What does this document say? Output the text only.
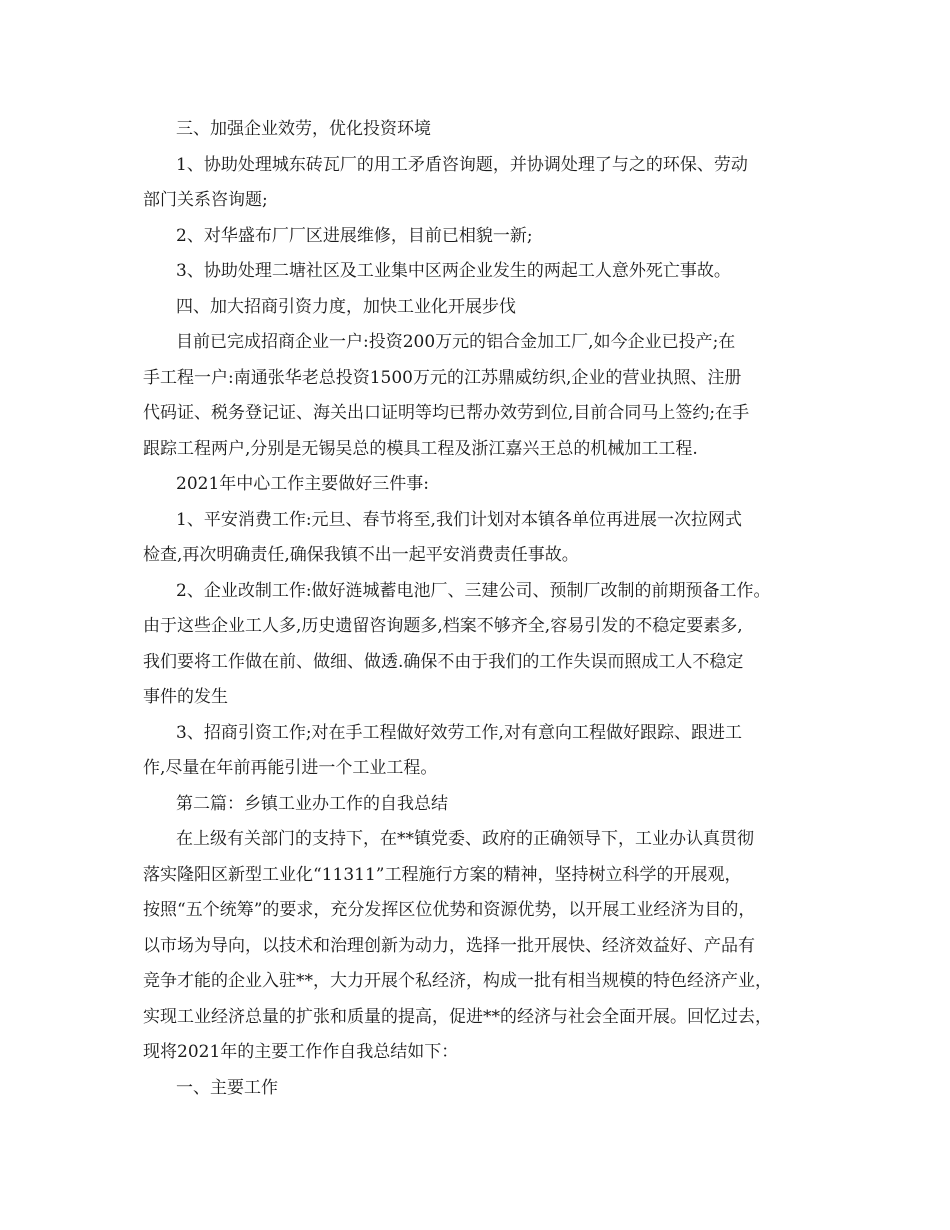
三、加强企业效劳，优化投资环境

1、协助处理城东砖瓦厂的用工矛盾咨询题，并协调处理了与之的环保、劳动

部门关系咨询题;

2、对华盛布厂厂区进展维修，目前已相貌一新;

3、协助处理二塘社区及工业集中区两企业发生的两起工人意外死亡事故。

四、加大招商引资力度，加快工业化开展步伐

目前已完成招商企业一户:投资200万元的铝合金加工厂,如今企业已投产;在

手工程一户:南通张华老总投资1500万元的江苏鼎威纺织,企业的营业执照、注册

代码证、税务登记证、海关出口证明等均已帮办效劳到位,目前合同马上签约;在手

跟踪工程两户,分别是无锡吴总的模具工程及浙江嘉兴王总的机械加工工程.

2021年中心工作主要做好三件事:

1、平安消费工作:元旦、春节将至,我们计划对本镇各单位再进展一次拉网式

检查,再次明确责任,确保我镇不出一起平安消费责任事故。

2、企业改制工作:做好涟城蓄电池厂、三建公司、预制厂改制的前期预备工作。

由于这些企业工人多,历史遗留咨询题多,档案不够齐全,容易引发的不稳定要素多,

我们要将工作做在前、做细、做透.确保不由于我们的工作失误而照成工人不稳定

事件的发生

3、招商引资工作;对在手工程做好效劳工作,对有意向工程做好跟踪、跟进工

作,尽量在年前再能引进一个工业工程。

第二篇：乡镇工业办工作的自我总结

在上级有关部门的支持下，在**镇党委、政府的正确领导下，工业办认真贯彻

落实隆阳区新型工业化“11311”工程施行方案的精神，坚持树立科学的开展观，

按照“五个统筹”的要求，充分发挥区位优势和资源优势，以开展工业经济为目的，

以市场为导向，以技术和治理创新为动力，选择一批开展快、经济效益好、产品有

竞争才能的企业入驻**，大力开展个私经济，构成一批有相当规模的特色经济产业，

实现工业经济总量的扩张和质量的提高，促进**的经济与社会全面开展。回忆过去，

现将2021年的主要工作作自我总结如下：

一、主要工作
